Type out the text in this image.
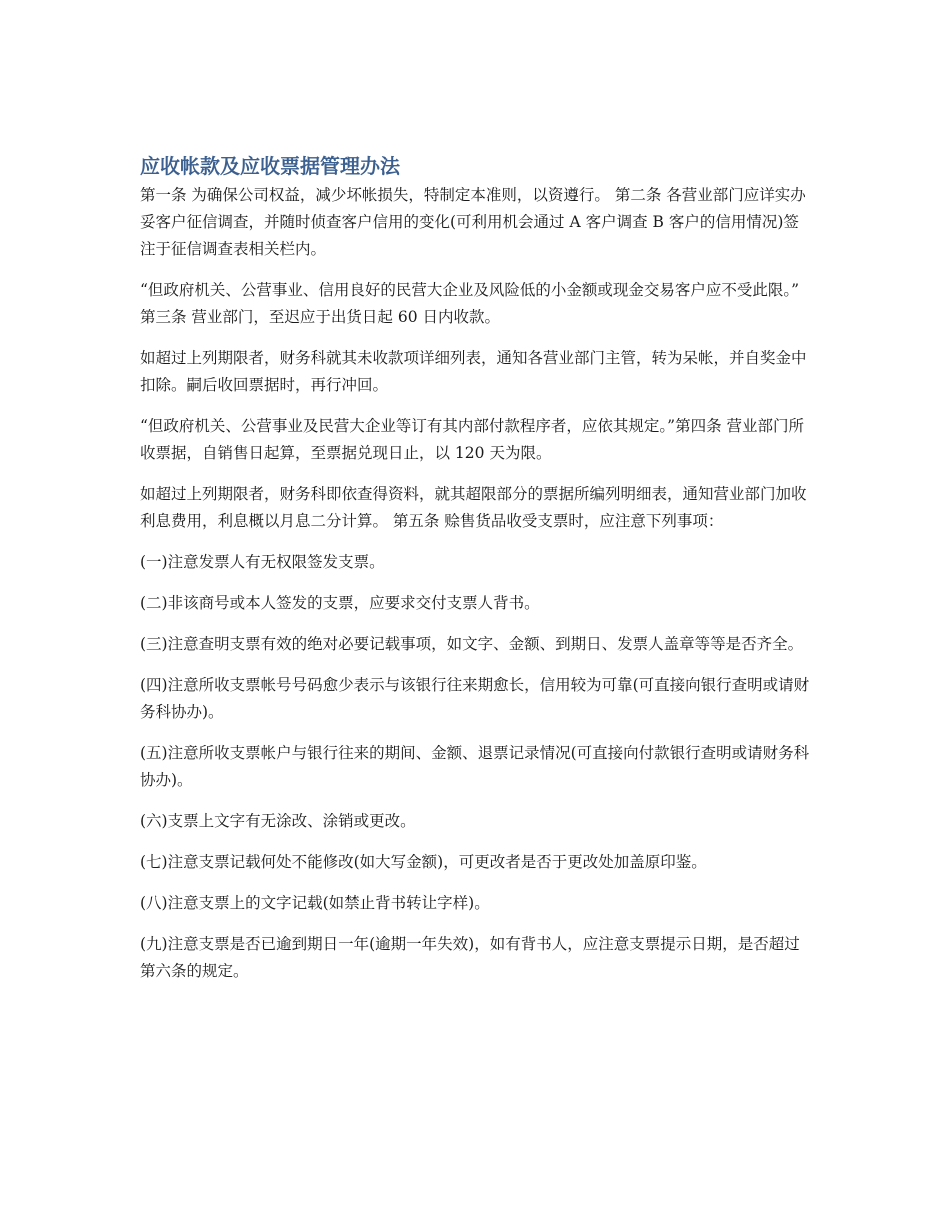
应收帐款及应收票据管理办法

第一条 为确保公司权益，减少坏帐损失，特制定本准则，以资遵行。 第二条 各营业部门应详实办妥客户征信调查，并随时侦查客户信用的变化(可利用机会通过 A 客户调查 B 客户的信用情况)签注于征信调查表相关栏内。

“但政府机关、公营事业、信用良好的民营大企业及风险低的小金额或现金交易客户应不受此限。” 第三条 营业部门，至迟应于出货日起 60 日内收款。

如超过上列期限者，财务科就其未收款项详细列表，通知各营业部门主管，转为呆帐，并自奖金中扣除。嗣后收回票据时，再行冲回。

“但政府机关、公营事业及民营大企业等订有其内部付款程序者，应依其规定。”第四条 营业部门所收票据，自销售日起算，至票据兑现日止，以 120 天为限。

如超过上列期限者，财务科即依查得资料，就其超限部分的票据所编列明细表，通知营业部门加收利息费用，利息概以月息二分计算。 第五条 赊售货品收受支票时，应注意下列事项：

(一)注意发票人有无权限签发支票。

(二)非该商号或本人签发的支票，应要求交付支票人背书。

(三)注意查明支票有效的绝对必要记载事项，如文字、金额、到期日、发票人盖章等等是否齐全。

(四)注意所收支票帐号号码愈少表示与该银行往来期愈长，信用较为可靠(可直接向银行查明或请财务科协办)。

(五)注意所收支票帐户与银行往来的期间、金额、退票记录情况(可直接向付款银行查明或请财务科协办)。

(六)支票上文字有无涂改、涂销或更改。

(七)注意支票记载何处不能修改(如大写金额)，可更改者是否于更改处加盖原印鉴。

(八)注意支票上的文字记载(如禁止背书转让字样)。

(九)注意支票是否已逾到期日一年(逾期一年失效)，如有背书人，应注意支票提示日期，是否超过第六条的规定。
